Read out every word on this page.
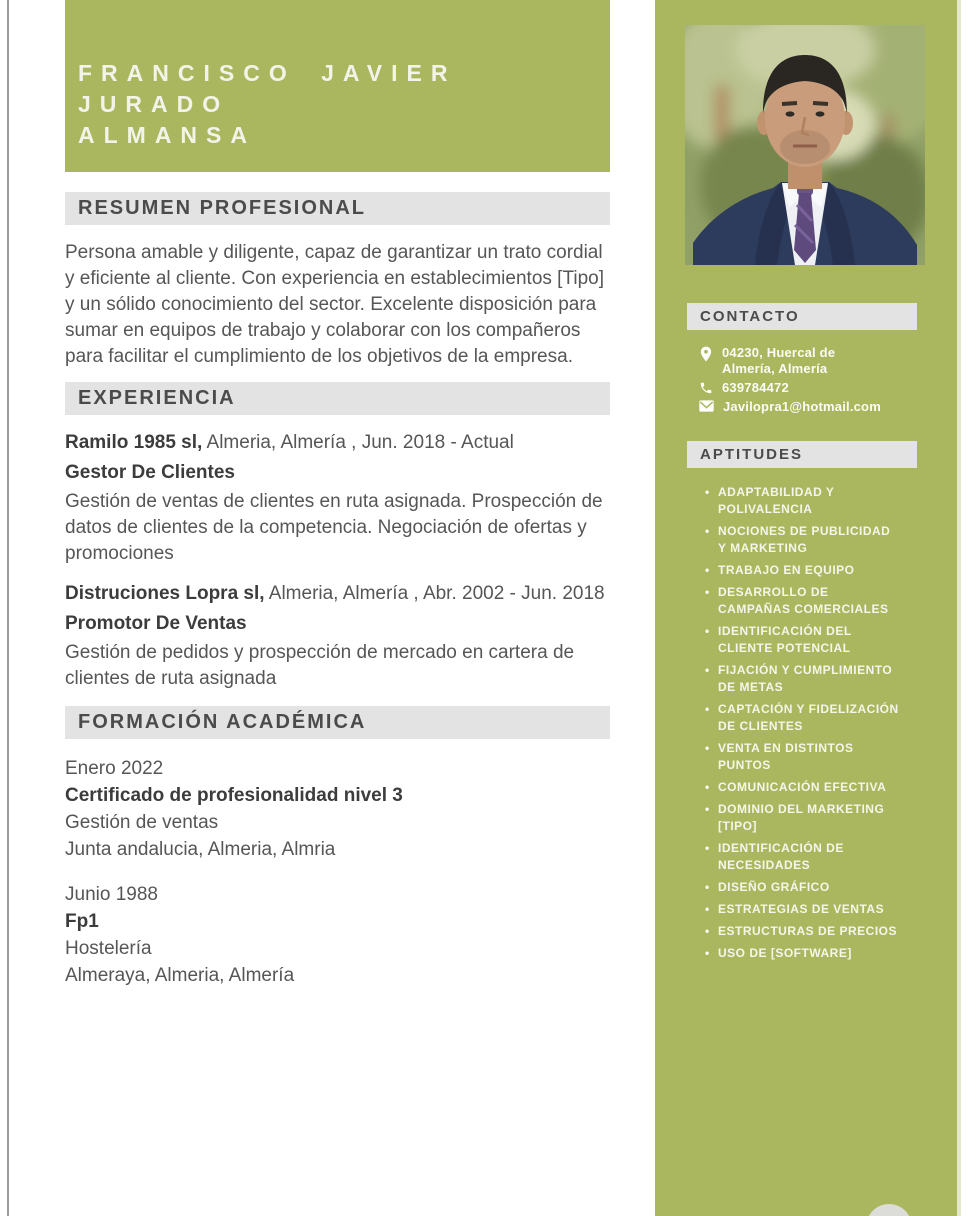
FRANCISCO JAVIER
JURADO
ALMANSA
RESUMEN PROFESIONAL

Persona amable y diligente, capaz de garantizar un trato cordial y eficiente al cliente. Con experiencia en establecimientos [Tipo] y un sólido conocimiento del sector. Excelente disposición para sumar en equipos de trabajo y colaborar con los compañeros para facilitar el cumplimiento de los objetivos de la empresa.

EXPERIENCIA
Ramilo 1985 sl, Almeria, Almería , Jun. 2018 - Actual
Gestor De Clientes

Gestión de ventas de clientes en ruta asignada. Prospección de datos de clientes de la competencia. Negociación de ofertas y promociones

Distruciones Lopra sl, Almeria, Almería , Abr. 2002 - Jun. 2018
Promotor De Ventas

Gestión de pedidos y prospección de mercado en cartera de clientes de ruta asignada

FORMACIÓN ACADÉMICA
Enero 2022
Certificado de profesionalidad nivel 3
Gestión de ventas
Junta andalucia, Almeria, Almria
Junio 1988
Fp1
Hostelería
Almeraya, Almeria, Almería
CONTACTO
04230, Huercal de Almería, Almería
639784472
Javilopra1@hotmail.com
APTITUDES
• ADAPTABILIDAD Y POLIVALENCIA
• NOCIONES DE PUBLICIDAD Y MARKETING
• TRABAJO EN EQUIPO
• DESARROLLO DE CAMPAÑAS COMERCIALES
• IDENTIFICACIÓN DEL CLIENTE POTENCIAL
• FIJACIÓN Y CUMPLIMIENTO DE METAS
• CAPTACIÓN Y FIDELIZACIÓN DE CLIENTES
• VENTA EN DISTINTOS PUNTOS
• COMUNICACIÓN EFECTIVA
• DOMINIO DEL MARKETING [TIPO]
• IDENTIFICACIÓN DE NECESIDADES
• DISEÑO GRÁFICO
• ESTRATEGIAS DE VENTAS
• ESTRUCTURAS DE PRECIOS
• USO DE [SOFTWARE]
